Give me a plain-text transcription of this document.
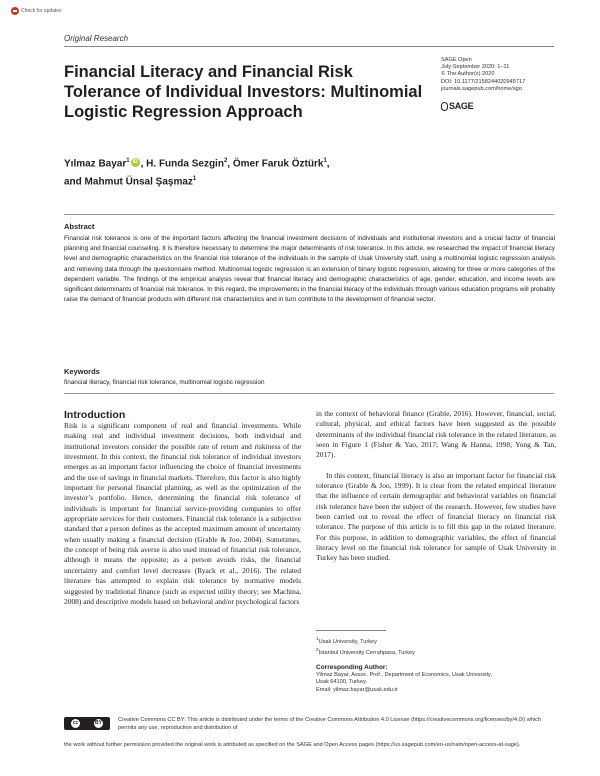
Check for updates
Original Research
Financial Literacy and Financial Risk Tolerance of Individual Investors: Multinomial Logistic Regression Approach
SAGE Open
July-September 2020: 1–11
© The Author(s) 2020
DOI: 10.1177/2158244020945717
journals.sagepub.com/home/sgo
SAGE
Yılmaz Bayar$^1$iD , H. Funda Sezgin$^2$, Ömer Faruk Öztürk$^1$,
and Mahmut Ünsal Şaşmaz$^1$
Abstract
Financial risk tolerance is one of the important factors affecting the financial investment decisions of individuals and institutional investors and a crucial factor of financial planning and financial counseling. It is therefore necessary to determine the major determinants of risk tolerance. In this article, we researched the impact of financial literacy level and demographic characteristics on the financial risk tolerance of the individuals in the sample of Usak University staff, using a multinomial logistic regression analysis and retrieving data through the questionnaire method. Multinomial logistic regression is an extension of binary logistic regression, allowing for three or more categories of the dependent variable. The findings of the empirical analysis reveal that financial literacy and demographic characteristics of age, gender, education, and income levels are significant determinants of financial risk tolerance. In this regard, the improvements in the financial literacy of the individuals through various education programs will probably raise the demand of financial products with different risk characteristics and in turn contribute to the development of financial sector.
Keywords
financial literacy, financial risk tolerance, multinomial logistic regression
Introduction

Risk is a significant component of real and financial investments. While making real and individual investment decisions, both individual and institutional investors consider the possible rate of return and riskiness of the investment. In this context, the financial risk tolerance of individual investors emerges as an important factor influencing the choice of financial investments and the use of savings in financial markets. Therefore, this factor is also highly important for personal financial planning, as well as the optimization of the investor’s portfolio. Hence, determining the financial risk tolerance of individuals is important for financial service-providing companies to offer appropriate services for their customers. Financial risk tolerance is a subjective standard that a person defines as the accepted maximum amount of uncertainty when usually making a financial decision (Grable & Joo, 2004). Sometimes, the concept of being risk averse is also used instead of financial risk tolerance, although it means the opposite; as a person avoids risks, the financial uncertainty and comfort level decreases (Ryack et al., 2016). The related literature has attempted to explain risk tolerance by normative models suggested by traditional finance (such as expected utility theory; see Machina, 2008) and descriptive models based on behavioral and/or psychological factors

in the context of behavioral finance (Grable, 2016). However, financial, social, cultural, physical, and ethical factors have been suggested as the possible determinants of the individual financial risk tolerance in the related literature, as seen in Figure 1 (Fisher & Yao, 2017; Wang & Hanna, 1998; Yong & Tan, 2017).

In this context, financial literacy is also an important factor for financial risk tolerance (Grable & Joo, 1999). It is clear from the related empirical literature that the influence of certain demographic and behavioral variables on financial risk tolerance have been the subject of the research. However, few studies have been carried out to reveal the effect of financial literacy on financial risk tolerance. The purpose of this article is to fill this gap in the related literature. For this purpose, in addition to demographic variables, the effect of financial literacy level on the financial risk tolerance for sample of Usak University in Turkey has been studied.

$^1$Usak University, Turkey
$^2$İstanbul University Cerrahpasa, Turkey
Corresponding Author:
Yilmaz Bayar, Assoc. Prof., Department of Economics, Usak University,
Usak 64100, Turkey.
Email: yilmaz.bayar@usak.edu.tr
cc	BY	Creative Commons CC BY: This article is distributed under the terms of the Creative Commons Attribution 4.0 License (https://creativecommons.org/licenses/by/4.0/) which permits any use, reproduction and distribution of
the work without further permission provided the original work is attributed as specified on the SAGE and Open Access pages (https://us.sagepub.com/en-us/nam/open-access-at-sage).
